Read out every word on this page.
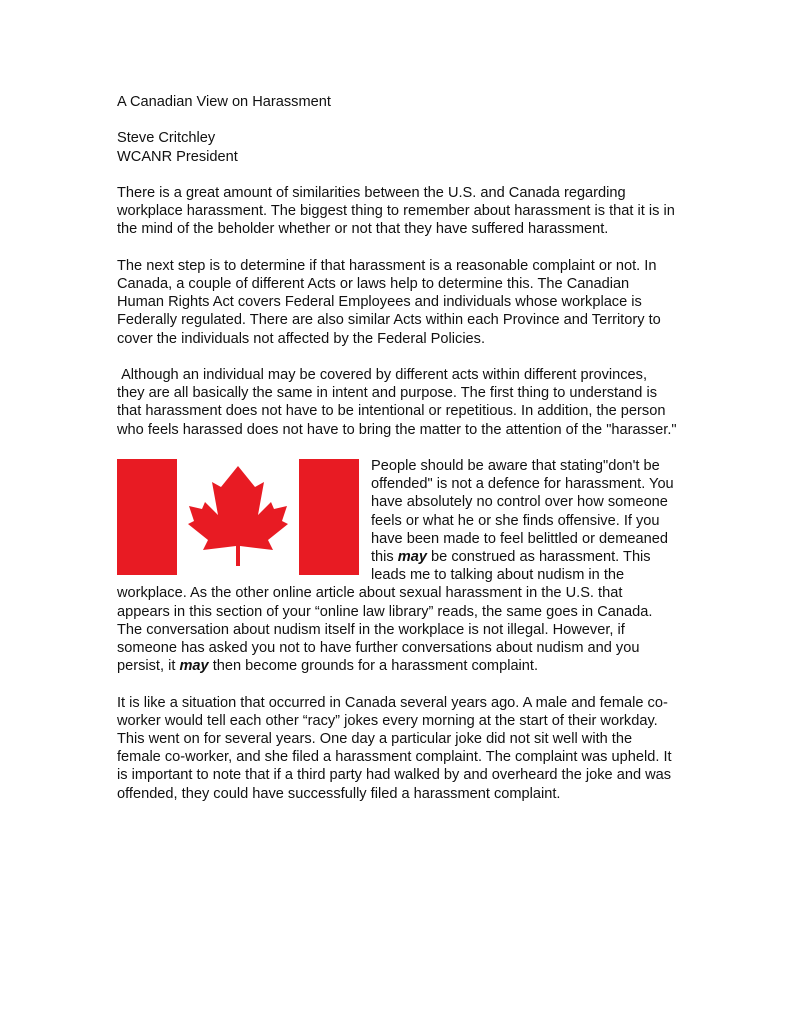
A Canadian View on Harassment
Steve Critchley
WCANR President

There is a great amount of similarities between the U.S. and Canada regarding workplace harassment. The biggest thing to remember about harassment is that it is in the mind of the beholder whether or not that they have suffered harassment.

The next step is to determine if that harassment is a reasonable complaint or not. In Canada, a couple of different Acts or laws help to determine this. The Canadian Human Rights Act covers Federal Employees and individuals whose workplace is Federally regulated. There are also similar Acts within each Province and Territory to cover the individuals not affected by the Federal Policies.

Although an individual may be covered by different acts within different provinces, they are all basically the same in intent and purpose. The first thing to understand is that harassment does not have to be intentional or repetitious. In addition, the person who feels harassed does not have to bring the matter to the attention of the "harasser."

People should be aware that stating"don't be offended" is not a defence for harassment. You have absolutely no control over how someone feels or what he or she finds offensive. If you have been made to feel belittled or demeaned this may be construed as harassment. This leads me to talking about nudism in the workplace. As the other online article about sexual harassment in the U.S. that appears in this section of your “online law library” reads, the same goes in Canada. The conversation about nudism itself in the workplace is not illegal. However, if someone has asked you not to have further conversations about nudism and you persist, it may then become grounds for a harassment complaint.

It is like a situation that occurred in Canada several years ago. A male and female co-worker would tell each other “racy” jokes every morning at the start of their workday. This went on for several years. One day a particular joke did not sit well with the female co-worker, and she filed a harassment complaint. The complaint was upheld. It is important to note that if a third party had walked by and overheard the joke and was offended, they could have successfully filed a harassment complaint.
